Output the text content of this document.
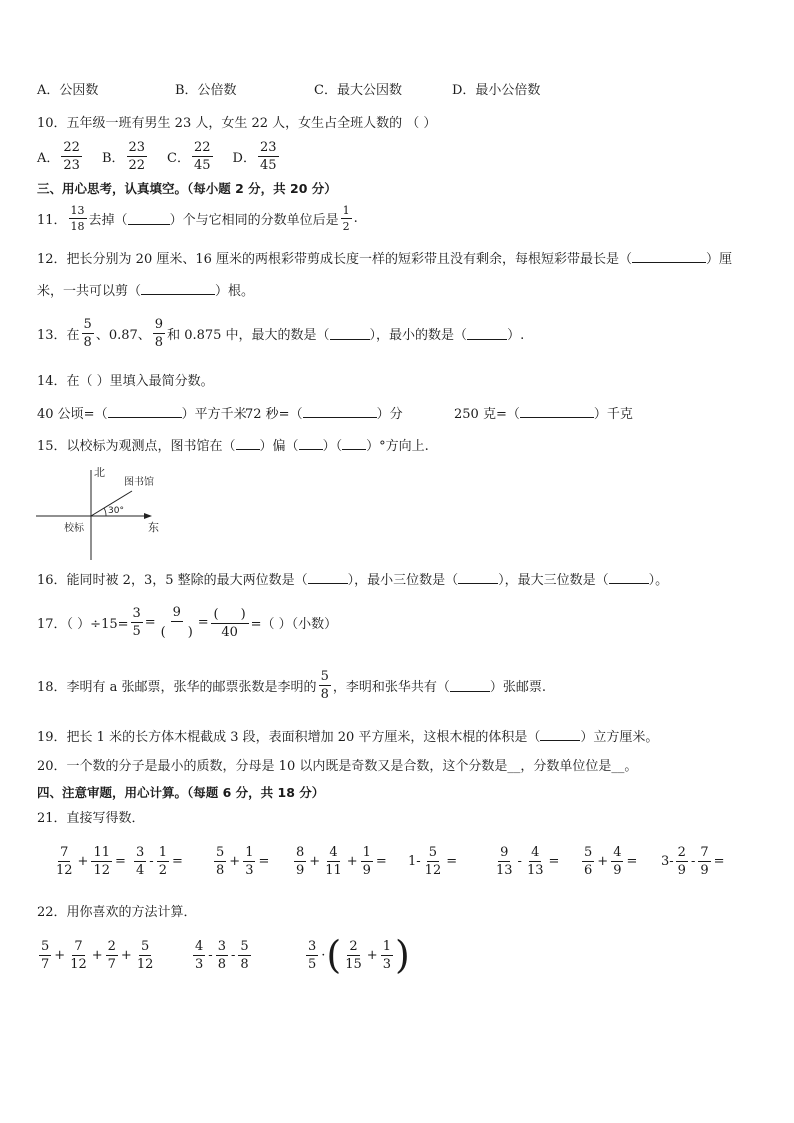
A．公因数	B．公倍数	C．最大公因数	D．最小公倍数
10．五年级一班有男生 23 人，女生 22 人，女生占全班人数的 （ ）
A． $\frac{22}{23}$ B． $\frac{23}{22}$ C． $\frac{22}{45}$ D． $\frac{23}{45}$
三、用心思考，认真填空。（每小题 2 分，共 20 分）
11． $\frac{13}{18}$ 去掉（	）个与它相同的分数单位后是 $\frac{1}{2}$ .
12．把长分别为 20 厘米、16 厘米的两根彩带剪成长度一样的短彩带且没有剩余，每根短彩带最长是（	）厘
米，一共可以剪（	）根。
13．在 $\frac{5}{8}$ 、0.87、 $\frac{9}{8}$ 和 0.875 中，最大的数是（	），最小的数是（	）.
14．在（ ）里填入最简分数。
40 公顷=（	）平方千米
72 秒=（	）分	250 克=（	）千克
15．以校标为观测点，图书馆在（ ）偏（ ）（ ）°方向上.
北
图书馆
30°
校标	东
16．能同时被 2，3，5 整除的最大两位数是（	），最小三位数是（	），最大三位数是（	）。
17．（ ）$\div 15= \frac{3}{5} = \frac{9}{( )} = \frac{( )}{40}$ =（ ）（小数）
18．李明有 a 张邮票，张华的邮票张数是李明的 $\frac{5}{8}$ ，李明和张华共有（	）张邮票.
19．把长 1 米的长方体木棍截成 3 段，表面积增加 20 平方厘米，这根木棍的体积是（	）立方厘米。
20．一个数的分子是最小的质数，分母是 10 以内既是奇数又是合数，这个分数是__，分数单位位是__。
四、注意审题，用心计算。（每题 6 分，共 18 分）
21．直接写得数．
$\frac{7}{12} + \frac{11}{12} = \frac{3}{4} - \frac{1}{2} = \frac{5}{8} + \frac{1}{3} = \frac{8}{9} + \frac{4}{11} + \frac{1}{9} = 1- \frac{5}{12}$ =	$\frac{9}{13} - \frac{4}{13} = \frac{5}{6} + \frac{4}{9} = 3- \frac{2}{9} - \frac{7}{9}$ =
22．用你喜欢的方法计算．
$\frac{5}{7} + \frac{7}{12} + \frac{2}{7} + \frac{5}{12}$	$\frac{4}{3} - \frac{3}{8} - \frac{5}{8}$	$\frac{3}{5}$ · ( $\frac{2}{15} + \frac{1}{3}$ )
